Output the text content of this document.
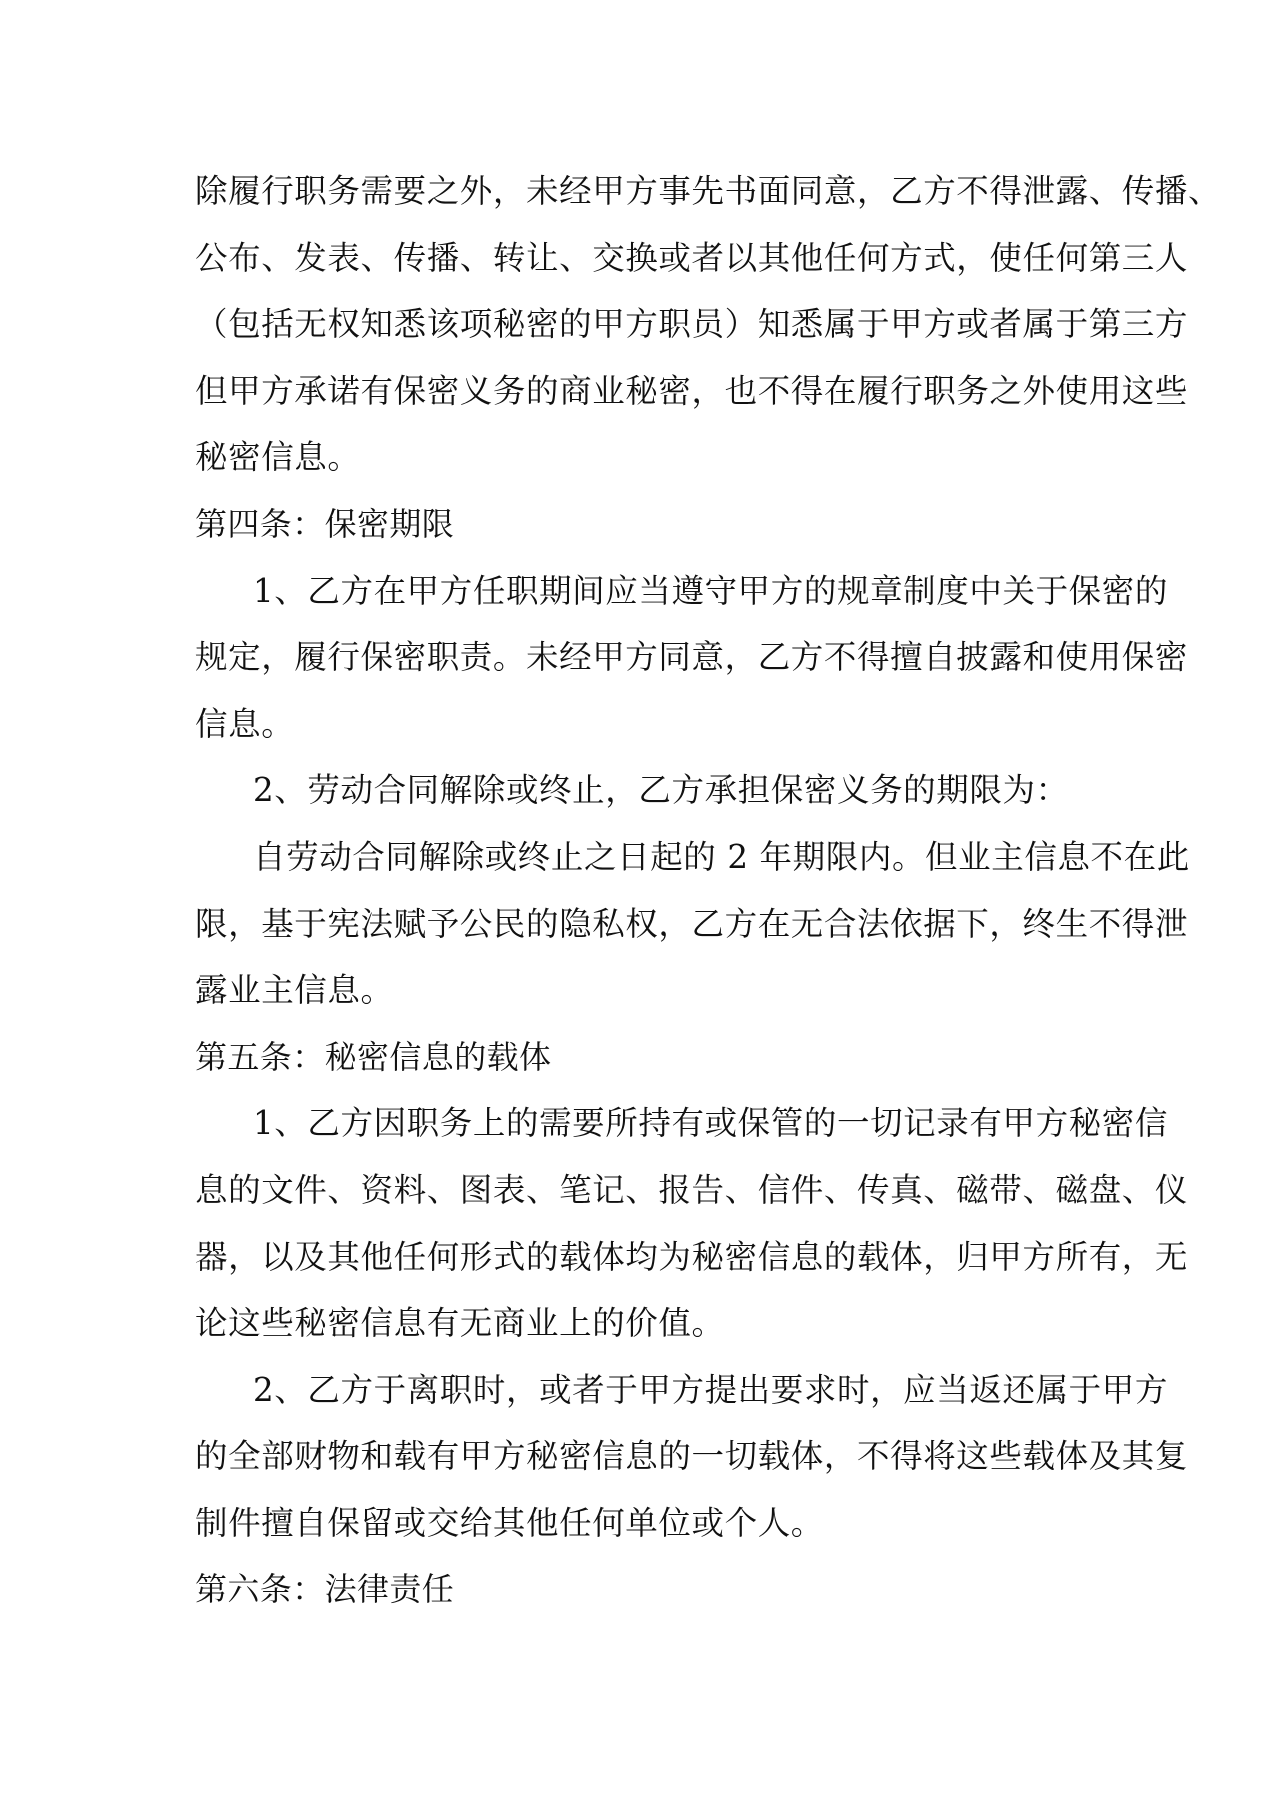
除履行职务需要之外，未经甲方事先书面同意，乙方不得泄露、传播、
公布、发表、传播、转让、交换或者以其他任何方式，使任何第三人
（包括无权知悉该项秘密的甲方职员）知悉属于甲方或者属于第三方
但甲方承诺有保密义务的商业秘密，也不得在履行职务之外使用这些
秘密信息。
第四条：保密期限
1、乙方在甲方任职期间应当遵守甲方的规章制度中关于保密的
规定，履行保密职责。未经甲方同意，乙方不得擅自披露和使用保密
信息。
2、劳动合同解除或终止，乙方承担保密义务的期限为：
自劳动合同解除或终止之日起的 2 年期限内。但业主信息不在此
限，基于宪法赋予公民的隐私权，乙方在无合法依据下，终生不得泄
露业主信息。
第五条：秘密信息的载体
1、乙方因职务上的需要所持有或保管的一切记录有甲方秘密信
息的文件、资料、图表、笔记、报告、信件、传真、磁带、磁盘、仪
器，以及其他任何形式的载体均为秘密信息的载体，归甲方所有，无
论这些秘密信息有无商业上的价值。
2、乙方于离职时，或者于甲方提出要求时，应当返还属于甲方
的全部财物和载有甲方秘密信息的一切载体，不得将这些载体及其复
制件擅自保留或交给其他任何单位或个人。
第六条：法律责任
